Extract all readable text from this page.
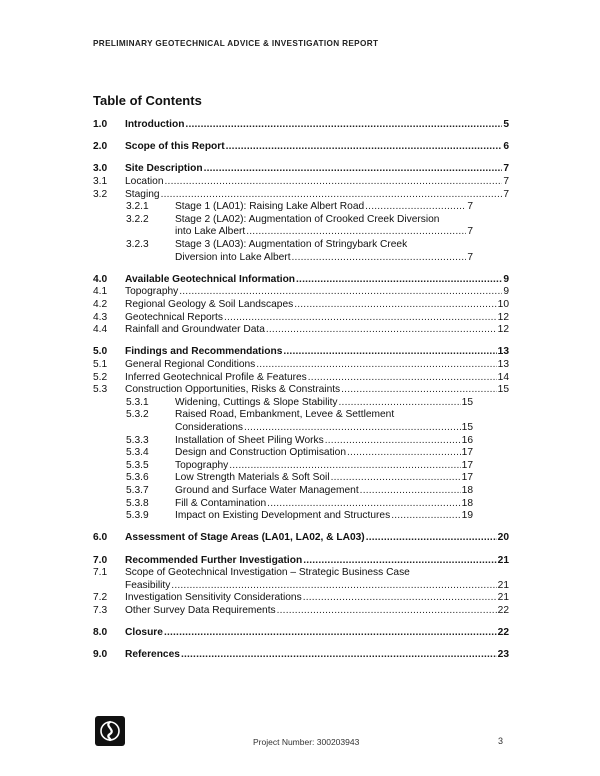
PRELIMINARY GEOTECHNICAL ADVICE & INVESTIGATION REPORT
Table of Contents
1.0 Introduction .....	5
2.0 Scope of this Report .....	6
3.0 Site Description .....	7
3.1 Location .....	7
3.2 Staging .....	7
3.2.1	Stage 1 (LA01): Raising Lake Albert Road .....	7
3.2.2	Stage 2 (LA02): Augmentation of Crooked Creek Diversion
into Lake Albert .....	7
3.2.3	Stage 3 (LA03): Augmentation of Stringybark Creek
Diversion into Lake Albert .....	7
4.0 Available Geotechnical Information .....	9
4.1 Topography .....	9
4.2 Regional Geology & Soil Landscapes .....	10
4.3 Geotechnical Reports .....	12
4.4 Rainfall and Groundwater Data .....	12
5.0 Findings and Recommendations .....	13
5.1 General Regional Conditions .....	13
5.2 Inferred Geotechnical Profile & Features .....	14
5.3 Construction Opportunities, Risks & Constraints .....	15
5.3.1	Widening, Cuttings & Slope Stability .....	15
5.3.2	Raised Road, Embankment, Levee & Settlement
Considerations .....	15
5.3.3	Installation of Sheet Piling Works .....	16
5.3.4	Design and Construction Optimisation .....	17
5.3.5	Topography .....	17
5.3.6	Low Strength Materials & Soft Soil .....	17
5.3.7	Ground and Surface Water Management .....	18
5.3.8	Fill & Contamination .....	18
5.3.9	Impact on Existing Development and Structures .....	19
6.0 Assessment of Stage Areas (LA01, LA02, & LA03) .....	20
7.0 Recommended Further Investigation .....	21
7.1 Scope of Geotechnical Investigation – Strategic Business Case
Feasibility .....	21
7.2 Investigation Sensitivity Considerations .....	21
7.3 Other Survey Data Requirements .....	22
8.0 Closure .....	22
9.0 References .....	23
Project Number: 300203943	3
